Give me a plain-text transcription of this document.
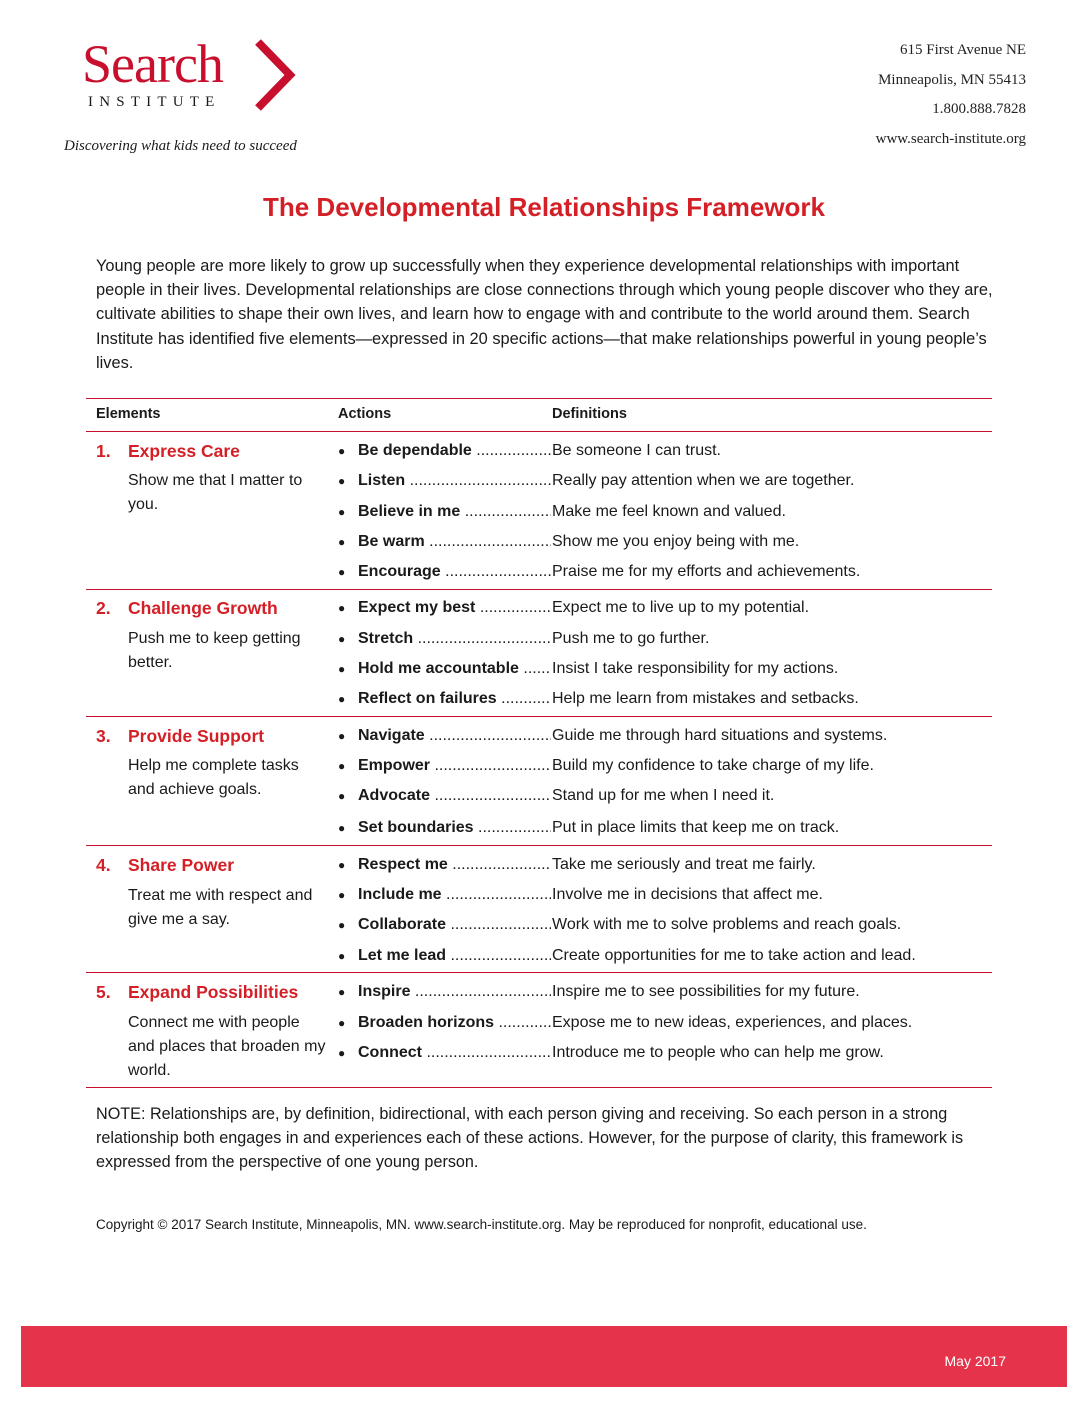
Search
INSTITUTE
Discovering what kids need to succeed
615 First Avenue NE
Minneapolis, MN 55413
1.800.888.7828
www.search-institute.org
The Developmental Relationships Framework
Young people are more likely to grow up successfully when they experience developmental relationships with important people in their lives. Developmental relationships are close connections through which young people discover who they are, cultivate abilities to shape their own lives, and learn how to engage with and contribute to the world around them. Search Institute has identified five elements—expressed in 20 specific actions—that make relationships powerful in young people’s lives.
Elements	Actions	Definitions
1. Express Care
Show me that I matter to you.
● Be dependable .....	Be someone I can trust.
● Listen .....	Really pay attention when we are together.
● Believe in me .....	Make me feel known and valued.
● Be warm .....	Show me you enjoy being with me.
● Encourage .....	Praise me for my efforts and achievements.
2. Challenge Growth
Push me to keep getting better.
● Expect my best .....	Expect me to live up to my potential.
● Stretch .....	Push me to go further.
● Hold me accountable .....	Insist I take responsibility for my actions.
● Reflect on failures .....	Help me learn from mistakes and setbacks.
3. Provide Support
Help me complete tasks and achieve goals.
● Navigate .....	Guide me through hard situations and systems.
● Empower .....	Build my confidence to take charge of my life.
● Advocate .....	Stand up for me when I need it.
● Set boundaries .....	Put in place limits that keep me on track.
4. Share Power
Treat me with respect and give me a say.
● Respect me .....	Take me seriously and treat me fairly.
● Include me .....	Involve me in decisions that affect me.
● Collaborate .....	Work with me to solve problems and reach goals.
● Let me lead .....	Create opportunities for me to take action and lead.
5. Expand Possibilities
Connect me with people and places that broaden my world.
● Inspire .....	Inspire me to see possibilities for my future.
● Broaden horizons .....	Expose me to new ideas, experiences, and places.
● Connect .....	Introduce me to people who can help me grow.
NOTE: Relationships are, by definition, bidirectional, with each person giving and receiving. So each person in a strong relationship both engages in and experiences each of these actions. However, for the purpose of clarity, this framework is expressed from the perspective of one young person.
Copyright © 2017 Search Institute, Minneapolis, MN. www.search-institute.org. May be reproduced for nonprofit, educational use.
May 2017
